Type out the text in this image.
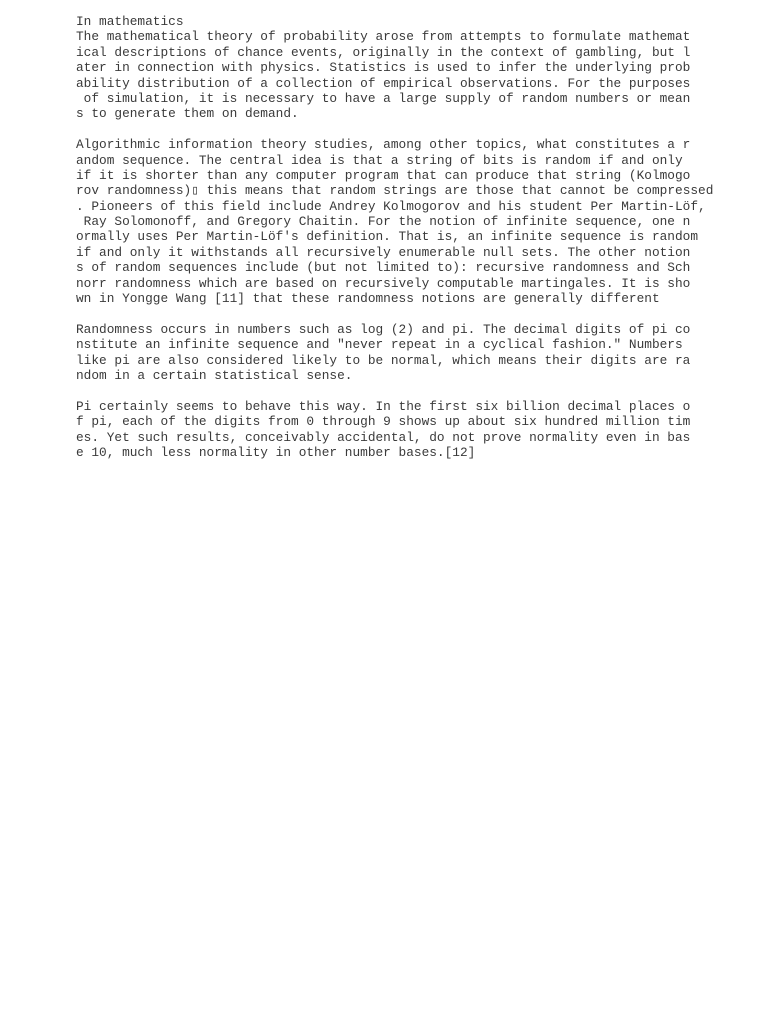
In mathematics
The mathematical theory of probability arose from attempts to formulate mathemat
ical descriptions of chance events, originally in the context of gambling, but l
ater in connection with physics. Statistics is used to infer the underlying prob
ability distribution of a collection of empirical observations. For the purposes
of simulation, it is necessary to have a large supply of random numbers or mean
s to generate them on demand.
Algorithmic information theory studies, among other topics, what constitutes a r
andom sequence. The central idea is that a string of bits is random if and only
if it is shorter than any computer program that can produce that string (Kolmogo
rov randomness)▯ this means that random strings are those that cannot be compressed
. Pioneers of this field include Andrey Kolmogorov and his student Per Martin-Löf,
Ray Solomonoff, and Gregory Chaitin. For the notion of infinite sequence, one n
ormally uses Per Martin-Löf's definition. That is, an infinite sequence is random
if and only it withstands all recursively enumerable null sets. The other notion
s of random sequences include (but not limited to): recursive randomness and Sch
norr randomness which are based on recursively computable martingales. It is sho
wn in Yongge Wang [11] that these randomness notions are generally different
Randomness occurs in numbers such as log (2) and pi. The decimal digits of pi co
nstitute an infinite sequence and "never repeat in a cyclical fashion." Numbers
like pi are also considered likely to be normal, which means their digits are ra
ndom in a certain statistical sense.
Pi certainly seems to behave this way. In the first six billion decimal places o
f pi, each of the digits from 0 through 9 shows up about six hundred million tim
es. Yet such results, conceivably accidental, do not prove normality even in bas
e 10, much less normality in other number bases.[12]
